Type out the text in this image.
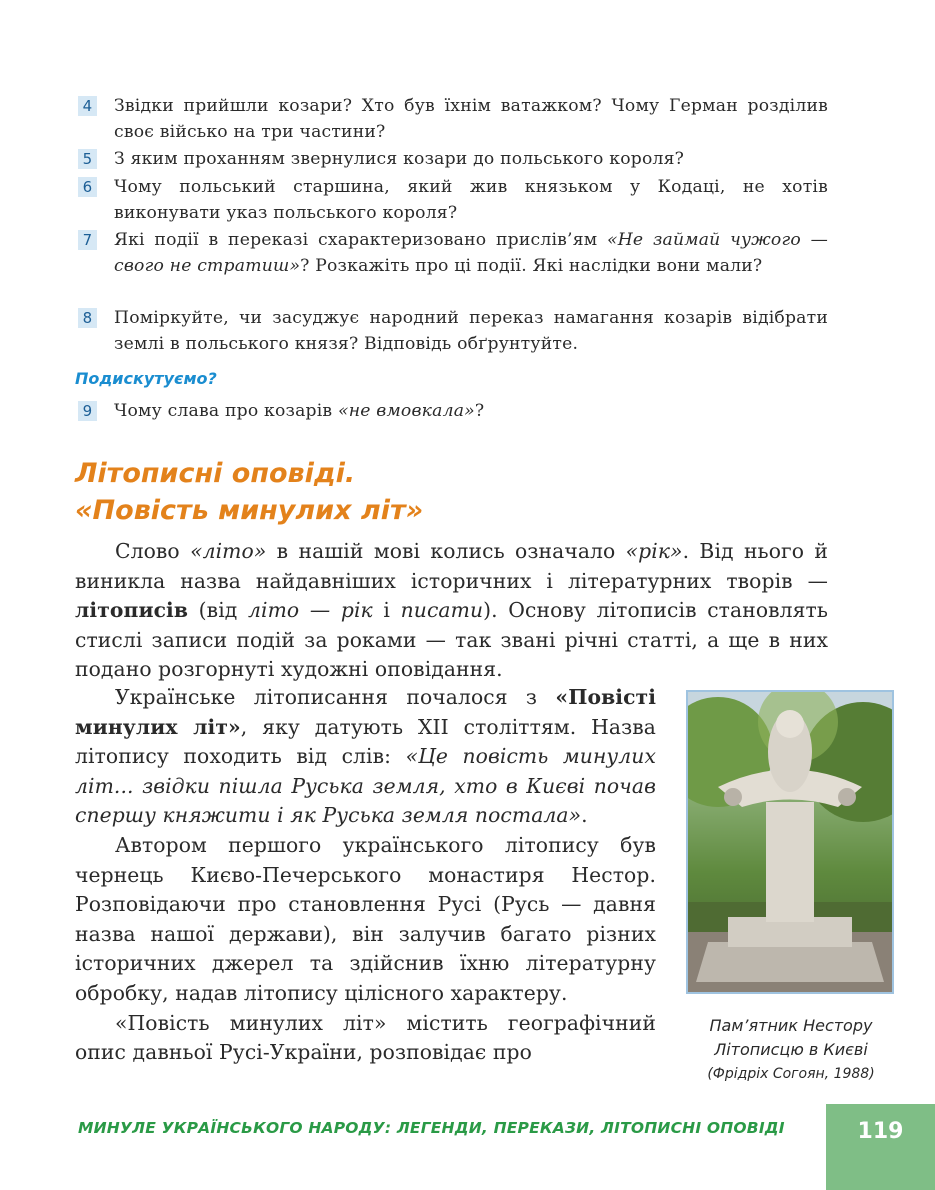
4 Звідки прийшли козари? Хто був їхнім ватажком? Чому Герман розділив своє військо на три частини?
5 З яким проханням звернулися козари до польського короля?
6 Чому польський старшина, який жив князьком у Кодаці, не хотів виконувати указ польського короля?
7 Які події в переказі схарактеризовано прислів’ям «Не займай чужого — свого не стратиш»? Розкажіть про ці події. Які наслідки вони мали?
8 Поміркуйте, чи засуджує народний переказ намагання козарів відібрати землі в польського князя? Відповідь обґрунтуйте.
Подискутуємо?
9 Чому слава про козарів «не вмовкала»?
Літописні оповіді.
«Повість минулих літ»

Слово «літо» в нашій мові колись означало «рік». Від нього й виникла назва найдавніших історичних і літературних творів — літописів (від літо — рік і писати). Основу літописів становлять стислі записи подій за роками — так звані річні статті, а ще в них подано розгорнуті художні оповідання.

Українське літописання почалося з «Повісті минулих літ», яку датують XII століттям. Назва літопису походить від слів: «Це повість минулих літ... звідки пішла Руська земля, хто в Києві почав спершу княжити і як Руська земля постала».

Автором першого українського літопису був чернець Києво-Печерського монастиря Нестор. Розповідаючи про становлення Русі (Русь — давня назва нашої держави), він залучив багато різних історичних джерел та здійснив їхню літературну обробку, надав літопису цілісного характеру.

«Повість минулих літ» містить географічний опис давньої Русі-України, розповідає про

Пам’ятник Нестору
Літописцю в Києві
(Фрідріх Согоян, 1988)
МИНУЛЕ УКРАЇНСЬКОГО НАРОДУ: ЛЕГЕНДИ, ПЕРЕКАЗИ, ЛІТОПИСНІ ОПОВІДІ	119
